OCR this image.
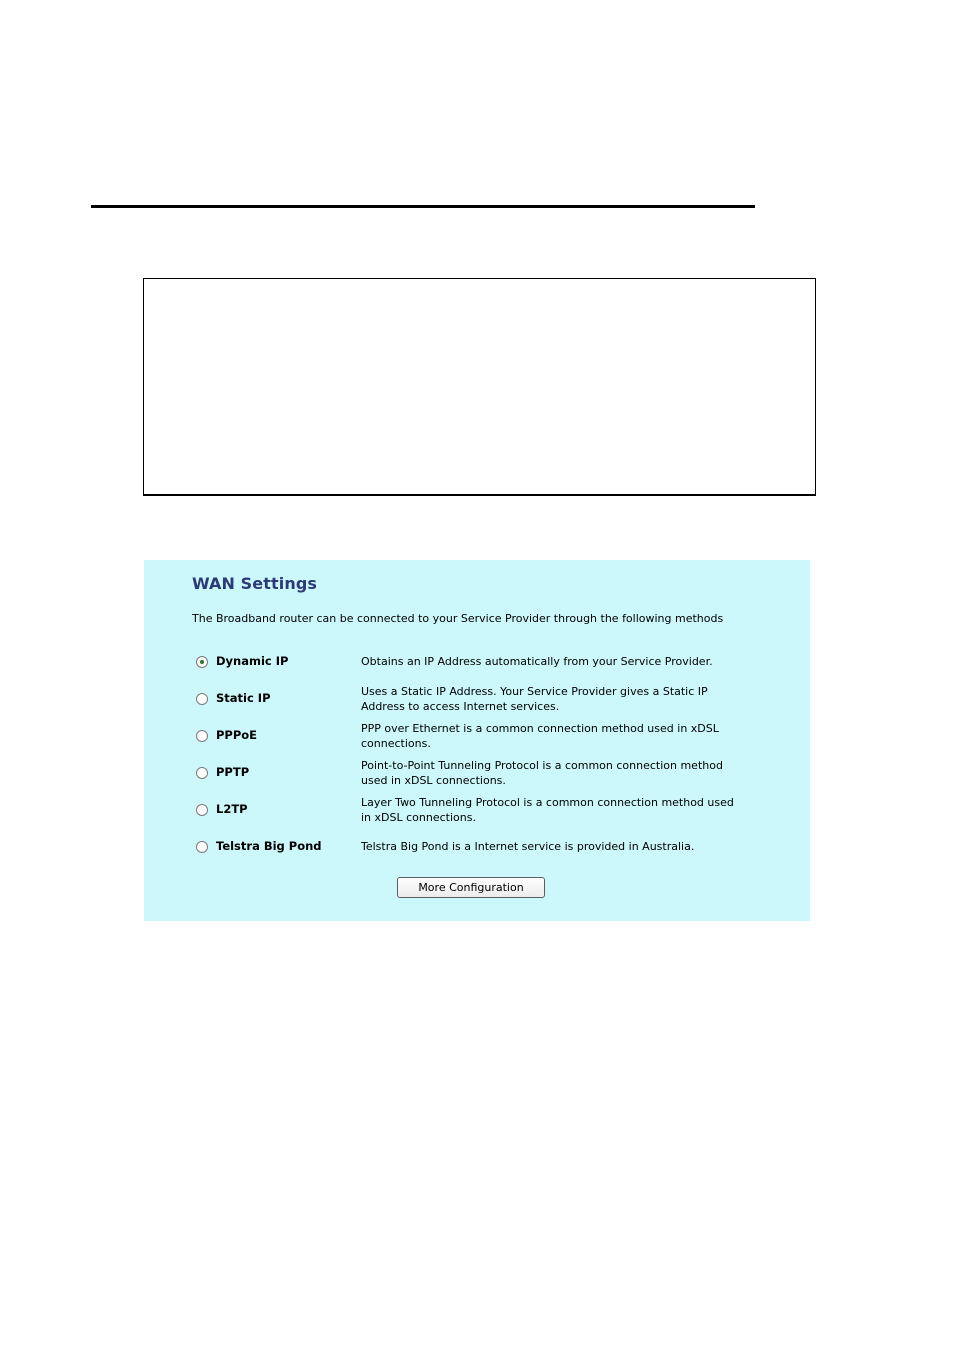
WAN Settings
The Broadband router can be connected to your Service Provider through the following methods
Dynamic IP	Obtains an IP Address automatically from your Service Provider.
Static IP	Uses a Static IP Address. Your Service Provider gives a Static IP Address to access Internet services.
PPPoE	PPP over Ethernet is a common connection method used in xDSL connections.
PPTP	Point-to-Point Tunneling Protocol is a common connection method used in xDSL connections.
L2TP	Layer Two Tunneling Protocol is a common connection method used in xDSL connections.
Telstra Big Pond	Telstra Big Pond is a Internet service is provided in Australia.
More Configuration
